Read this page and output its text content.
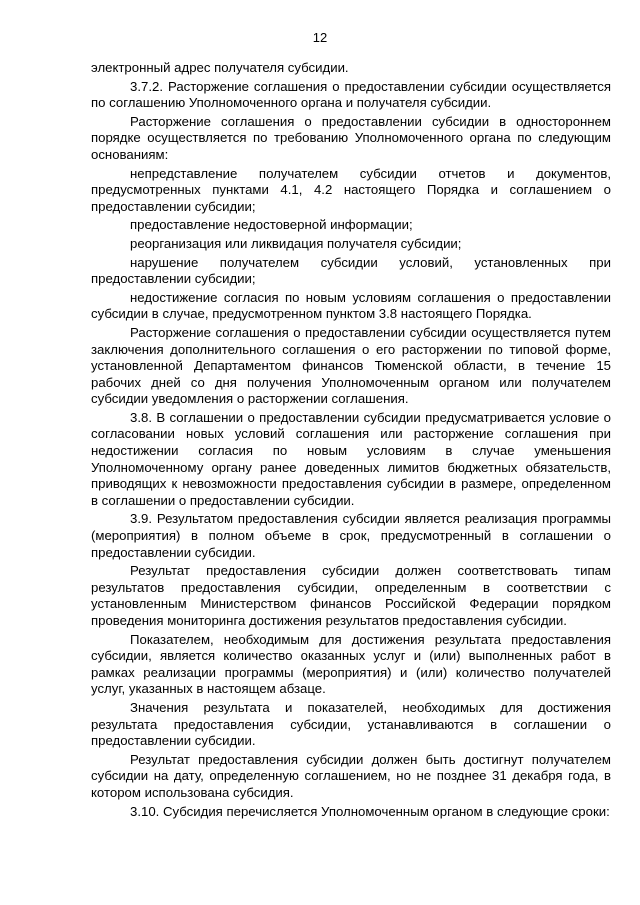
12

электронный адрес получателя субсидии.

3.7.2. Расторжение соглашения о предоставлении субсидии осуществляется по соглашению Уполномоченного органа и получателя субсидии.

Расторжение соглашения о предоставлении субсидии в одностороннем порядке осуществляется по требованию Уполномоченного органа по следующим основаниям:

непредставление получателем субсидии отчетов и документов, предусмотренных пунктами 4.1, 4.2 настоящего Порядка и соглашением о предоставлении субсидии;

предоставление недостоверной информации;

реорганизация или ликвидация получателя субсидии;

нарушение получателем субсидии условий, установленных при предоставлении субсидии;

недостижение согласия по новым условиям соглашения о предоставлении субсидии в случае, предусмотренном пунктом 3.8 настоящего Порядка.

Расторжение соглашения о предоставлении субсидии осуществляется путем заключения дополнительного соглашения о его расторжении по типовой форме, установленной Департаментом финансов Тюменской области, в течение 15 рабочих дней со дня получения Уполномоченным органом или получателем субсидии уведомления о расторжении соглашения.

3.8. В соглашении о предоставлении субсидии предусматривается условие о согласовании новых условий соглашения или расторжение соглашения при недостижении согласия по новым условиям в случае уменьшения Уполномоченному органу ранее доведенных лимитов бюджетных обязательств, приводящих к невозможности предоставления субсидии в размере, определенном в соглашении о предоставлении субсидии.

3.9. Результатом предоставления субсидии является реализация программы (мероприятия) в полном объеме в срок, предусмотренный в соглашении о предоставлении субсидии.

Результат предоставления субсидии должен соответствовать типам результатов предоставления субсидии, определенным в соответствии с установленным Министерством финансов Российской Федерации порядком проведения мониторинга достижения результатов предоставления субсидии.

Показателем, необходимым для достижения результата предоставления субсидии, является количество оказанных услуг и (или) выполненных работ в рамках реализации программы (мероприятия) и (или) количество получателей услуг, указанных в настоящем абзаце.

Значения результата и показателей, необходимых для достижения результата предоставления субсидии, устанавливаются в соглашении о предоставлении субсидии.

Результат предоставления субсидии должен быть достигнут получателем субсидии на дату, определенную соглашением, но не позднее 31 декабря года, в котором использована субсидия.

3.10. Субсидия перечисляется Уполномоченным органом в следующие сроки:
